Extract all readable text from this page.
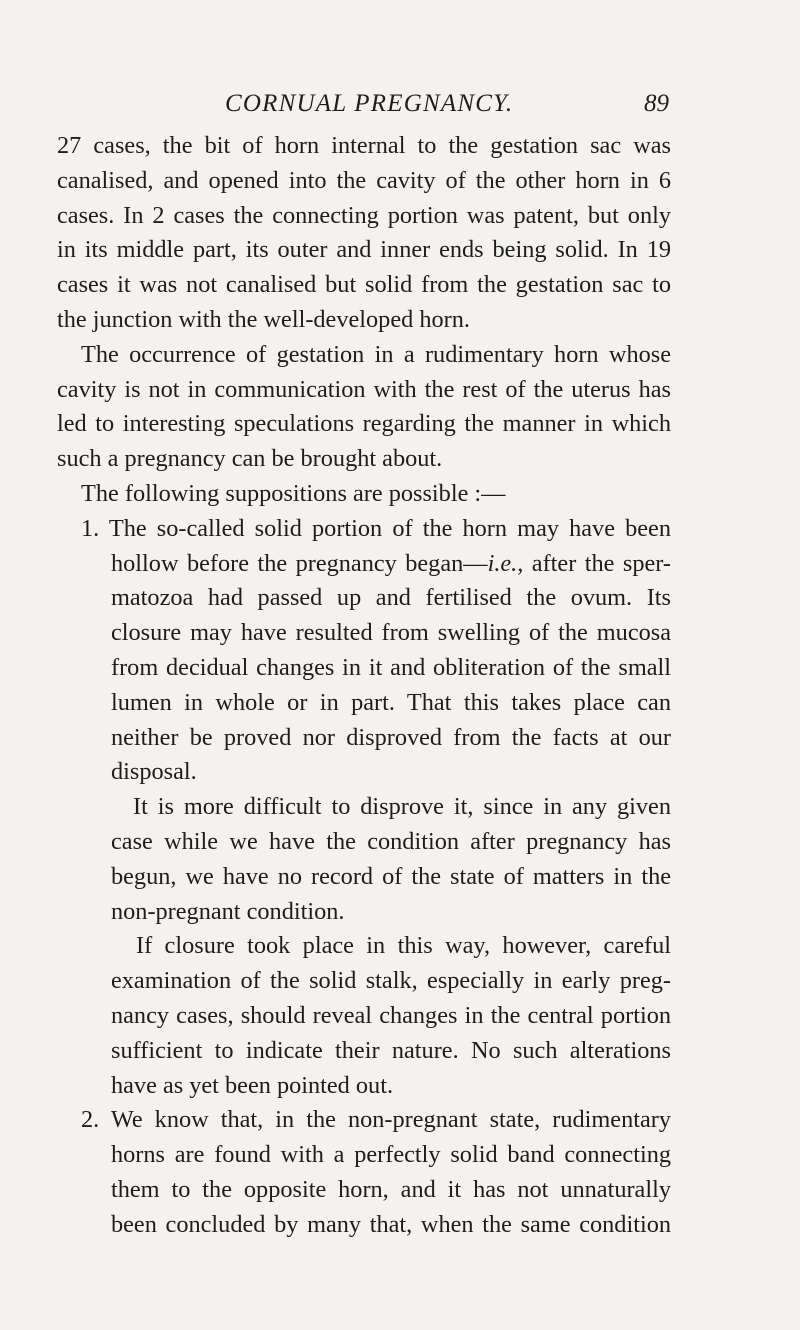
CORNUAL PREGNANCY.	89
27 cases, the bit of horn internal to the gestation sac was
canalised, and opened into the cavity of the other horn in 6
cases. In 2 cases the connecting portion was patent, but only
in its middle part, its outer and inner ends being solid. In 19
cases it was not canalised but solid from the gestation sac to
the junction with the well-developed horn.
The occurrence of gestation in a rudimentary horn whose
cavity is not in communication with the rest of the uterus has
led to interesting speculations regarding the manner in which
such a pregnancy can be brought about.
The following suppositions are possible :—
1. The so-called solid portion of the horn may have been
hollow before the pregnancy began—i.e., after the sper-
matozoa had passed up and fertilised the ovum. Its
closure may have resulted from swelling of the mucosa
from decidual changes in it and obliteration of the small
lumen in whole or in part. That this takes place can
neither be proved nor disproved from the facts at our
disposal.
It is more difficult to disprove it, since in any given
case while we have the condition after pregnancy has
begun, we have no record of the state of matters in the
non-pregnant condition.
If closure took place in this way, however, careful
examination of the solid stalk, especially in early preg-
nancy cases, should reveal changes in the central portion
sufficient to indicate their nature. No such alterations
have as yet been pointed out.
2. We know that, in the non-pregnant state, rudimentary
horns are found with a perfectly solid band connecting
them to the opposite horn, and it has not unnaturally
been concluded by many that, when the same condition
